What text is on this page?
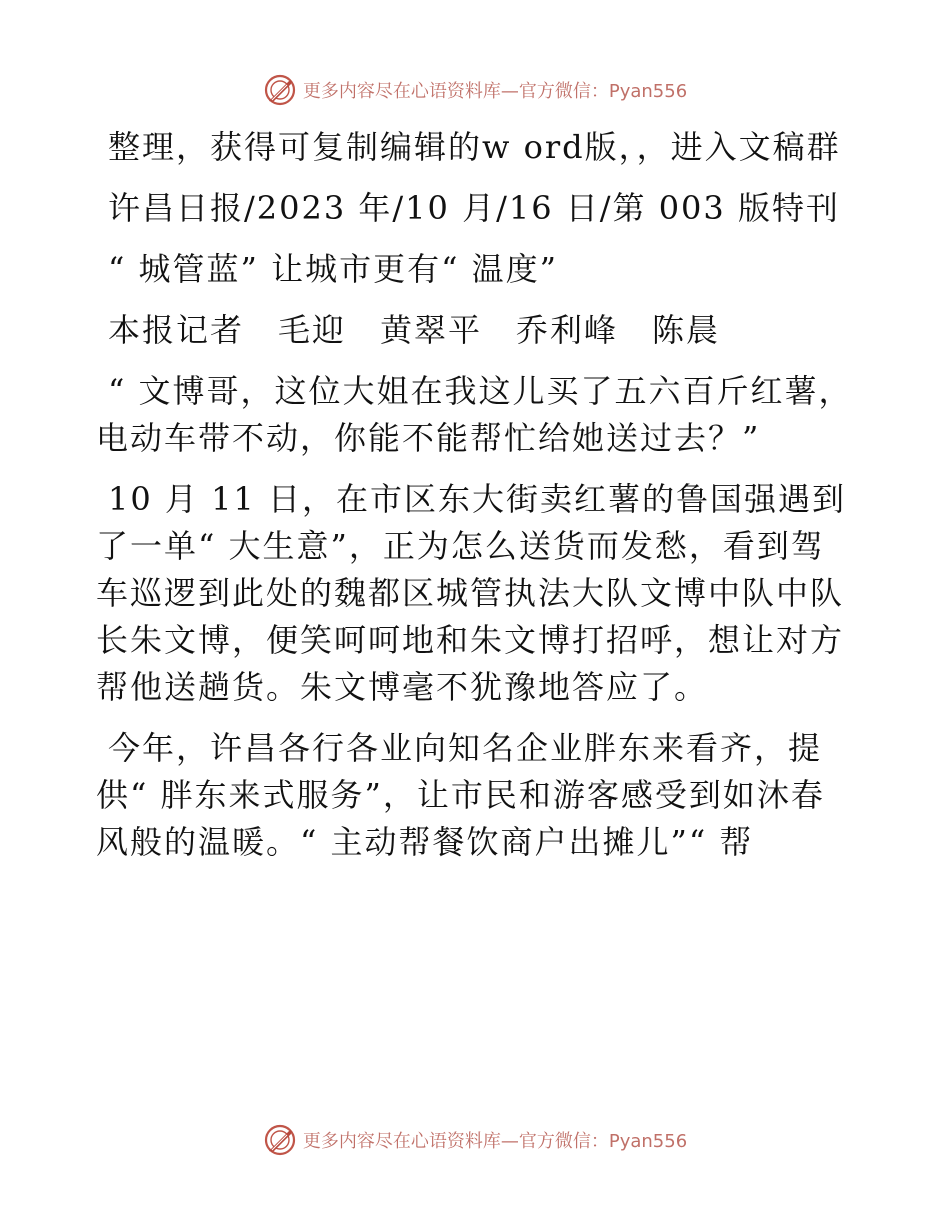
更多内容尽在心语资料库—官方微信：Pyan556

整理，获得可复制编辑的w ord版，，进入文稿群

许昌日报/2023 年/10 月/16 日/第 003 版特刊

“ 城管蓝” 让城市更有“ 温度”

本报记者　毛迎　黄翠平　乔利峰　陈晨

“ 文博哥，这位大姐在我这儿买了五六百斤红薯，电动车带不动，你能不能帮忙给她送过去？”

10 月 11 日，在市区东大街卖红薯的鲁国强遇到了一单“ 大生意”，正为怎么送货而发愁，看到驾车巡逻到此处的魏都区城管执法大队文博中队中队长朱文博，便笑呵呵地和朱文博打招呼，想让对方帮他送趟货。朱文博毫不犹豫地答应了。

今年，许昌各行各业向知名企业胖东来看齐，提供“ 胖东来式服务”，让市民和游客感受到如沐春风般的温暖。“ 主动帮餐饮商户出摊儿”“ 帮

更多内容尽在心语资料库—官方微信：Pyan556
